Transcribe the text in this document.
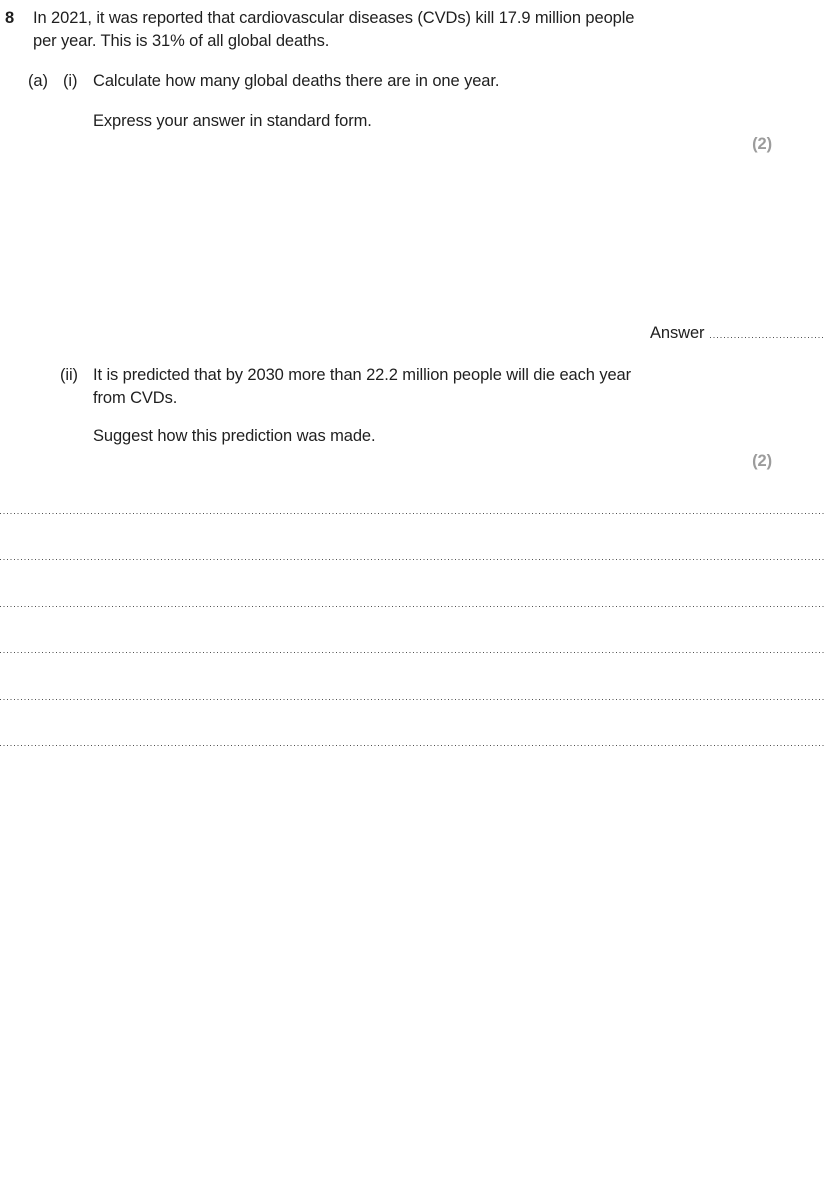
8 In 2021, it was reported that cardiovascular diseases (CVDs) kill 17.9 million people
per year. This is 31% of all global deaths.
(a) (i) Calculate how many global deaths there are in one year.
Express your answer in standard form.
(2)
Answer
(ii) It is predicted that by 2030 more than 22.2 million people will die each year
from CVDs.
Suggest how this prediction was made.
(2)
